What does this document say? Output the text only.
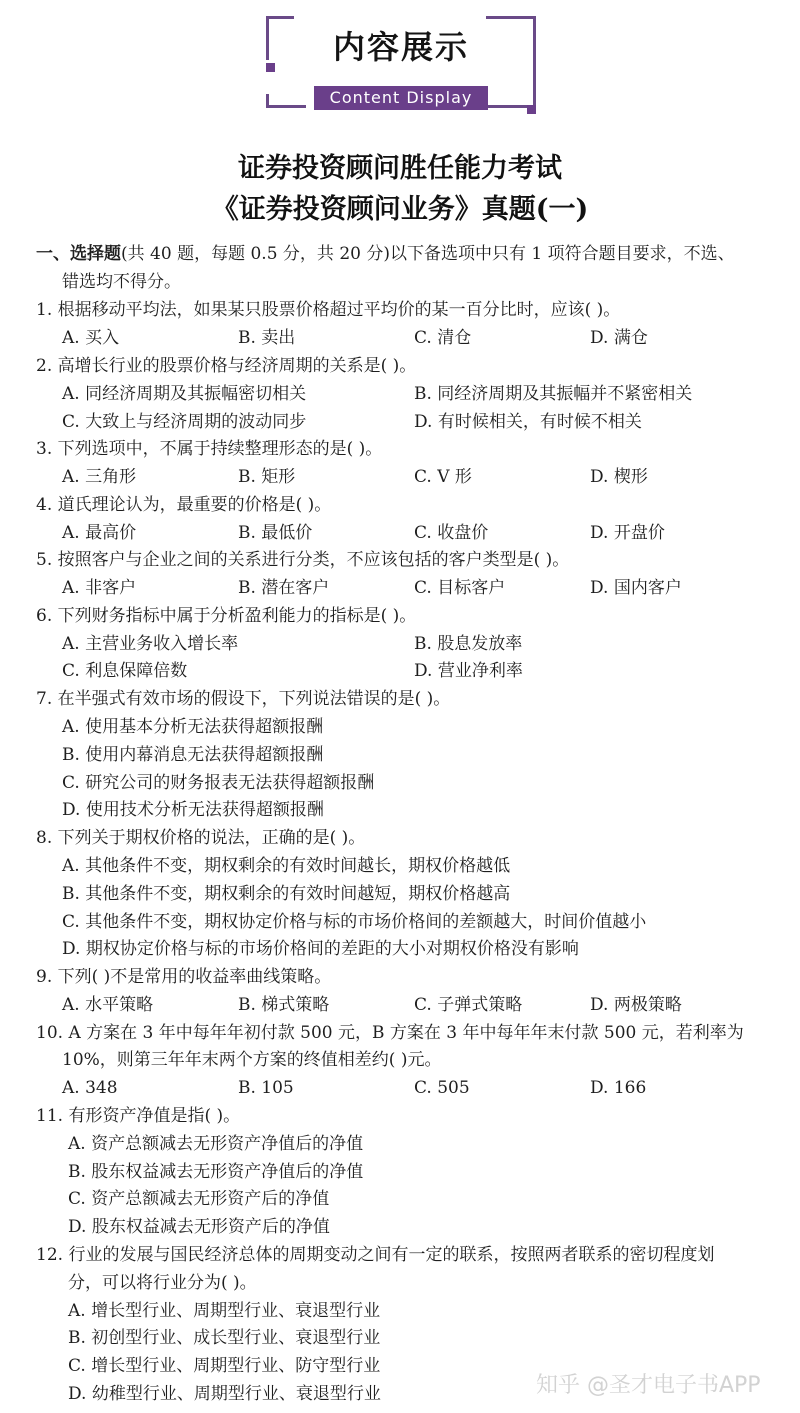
内容展示
Content Display
证券投资顾问胜任能力考试
《证券投资顾问业务》真题(一)
一、选择题(共 40 题，每题 0.5 分，共 20 分)以下备选项中只有 1 项符合题目要求，不选、
错选均不得分。
1. 根据移动平均法，如果某只股票价格超过平均价的某一百分比时，应该( )。
A. 买入	B. 卖出	C. 清仓	D. 满仓
2. 高增长行业的股票价格与经济周期的关系是( )。
A. 同经济周期及其振幅密切相关	B. 同经济周期及其振幅并不紧密相关
C. 大致上与经济周期的波动同步	D. 有时候相关，有时候不相关
3. 下列选项中，不属于持续整理形态的是( )。
A. 三角形	B. 矩形	C. V 形	D. 楔形
4. 道氏理论认为，最重要的价格是( )。
A. 最高价	B. 最低价	C. 收盘价	D. 开盘价
5. 按照客户与企业之间的关系进行分类，不应该包括的客户类型是( )。
A. 非客户	B. 潜在客户	C. 目标客户	D. 国内客户
6. 下列财务指标中属于分析盈利能力的指标是( )。
A. 主营业务收入增长率	B. 股息发放率
C. 利息保障倍数	D. 营业净利率
7. 在半强式有效市场的假设下，下列说法错误的是( )。
A. 使用基本分析无法获得超额报酬
B. 使用内幕消息无法获得超额报酬
C. 研究公司的财务报表无法获得超额报酬
D. 使用技术分析无法获得超额报酬
8. 下列关于期权价格的说法，正确的是( )。
A. 其他条件不变，期权剩余的有效时间越长，期权价格越低
B. 其他条件不变，期权剩余的有效时间越短，期权价格越高
C. 其他条件不变，期权协定价格与标的市场价格间的差额越大，时间价值越小
D. 期权协定价格与标的市场价格间的差距的大小对期权价格没有影响
9. 下列( )不是常用的收益率曲线策略。
A. 水平策略	B. 梯式策略	C. 子弹式策略	D. 两极策略
10. A 方案在 3 年中每年年初付款 500 元，B 方案在 3 年中每年年末付款 500 元，若利率为
10%，则第三年年末两个方案的终值相差约( )元。
A. 348	B. 105	C. 505	D. 166
11. 有形资产净值是指( )。
A. 资产总额减去无形资产净值后的净值
B. 股东权益减去无形资产净值后的净值
C. 资产总额减去无形资产后的净值
D. 股东权益减去无形资产后的净值
12. 行业的发展与国民经济总体的周期变动之间有一定的联系，按照两者联系的密切程度划
分，可以将行业分为( )。
A. 增长型行业、周期型行业、衰退型行业
B. 初创型行业、成长型行业、衰退型行业
C. 增长型行业、周期型行业、防守型行业
D. 幼稚型行业、周期型行业、衰退型行业	知乎 @圣才电子书APP
